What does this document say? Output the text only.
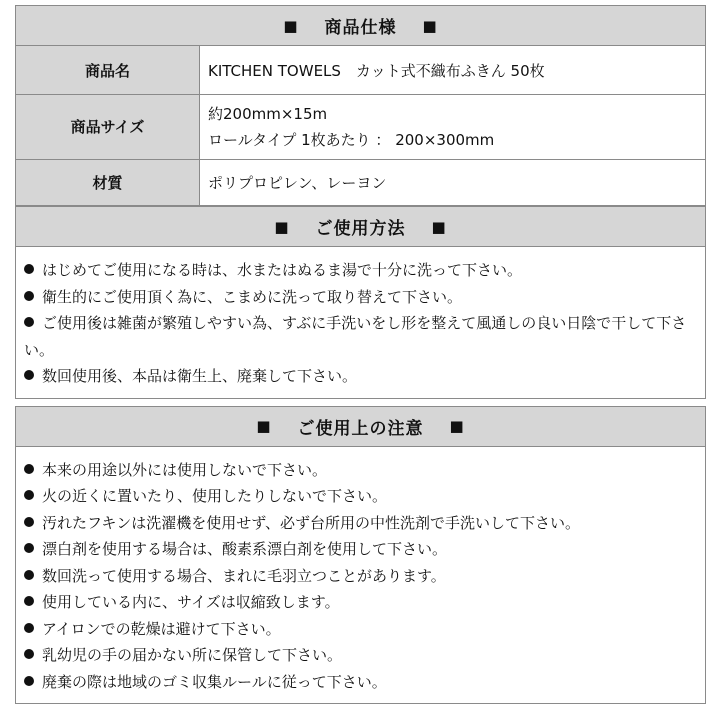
■ 商品仕様 ■
商品名	KITCHEN TOWELS　カット式不織布ふきん 50枚
商品サイズ	約200mm×15m
ロールタイプ 1枚あたり ： 200×300mm

材質	ポリプロピレン、レーヨン
■ ご使用方法 ■
はじめてご使用になる時は、水またはぬるま湯で十分に洗って下さい。
衛生的にご使用頂く為に、こまめに洗って取り替えて下さい。
ご使用後は雑菌が繁殖しやすい為、すぶに手洗いをし形を整えて風通しの良い日陰で干して下さい。
数回使用後、本品は衛生上、廃棄して下さい。
■ ご使用上の注意 ■
本来の用途以外には使用しないで下さい。
火の近くに置いたり、使用したりしないで下さい。
汚れたフキンは洗濯機を使用せず、必ず台所用の中性洗剤で手洗いして下さい。
漂白剤を使用する場合は、酸素系漂白剤を使用して下さい。
数回洗って使用する場合、まれに毛羽立つことがあります。
使用している内に、サイズは収縮致します。
アイロンでの乾燥は避けて下さい。
乳幼児の手の届かない所に保管して下さい。
廃棄の際は地域のゴミ収集ルールに従って下さい。
